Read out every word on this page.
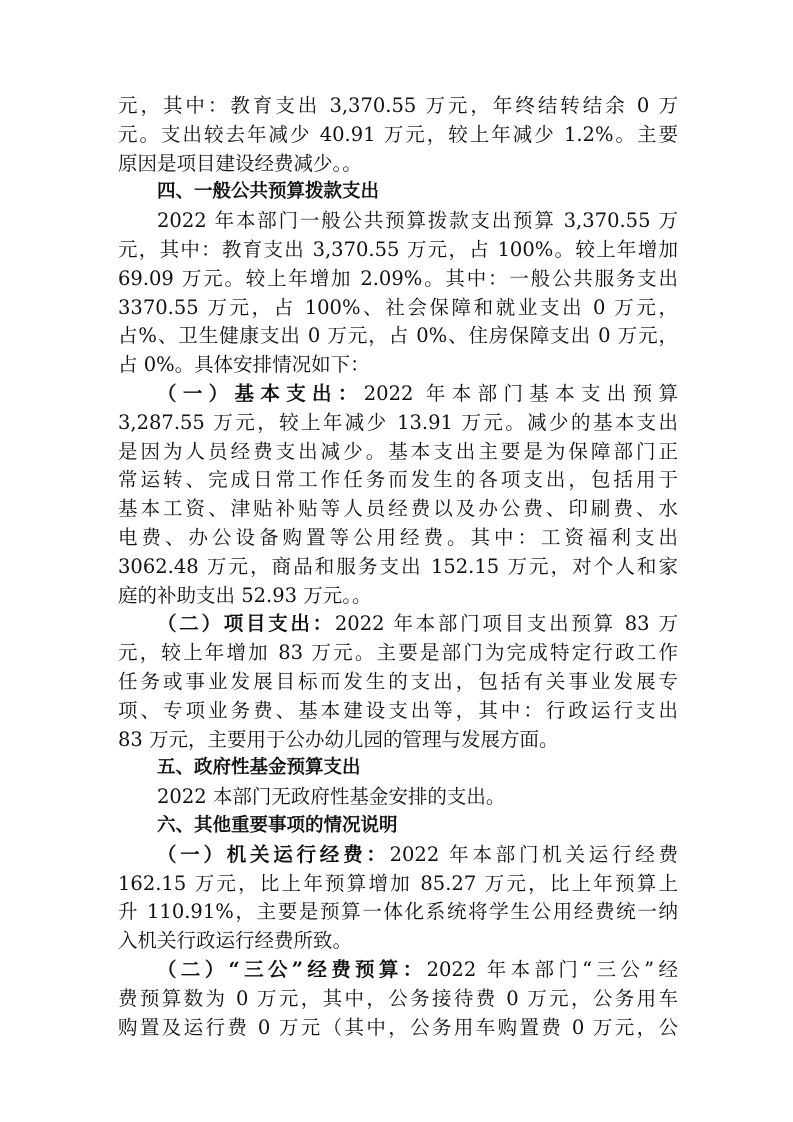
元，其中：教育支出 3,370.55 万元，年终结转结余 0 万
元。支出较去年减少 40.91 万元，较上年减少 1.2%。主要
原因是项目建设经费减少。。
四、一般公共预算拨款支出
2022 年本部门一般公共预算拨款支出预算 3,370.55 万
元，其中：教育支出 3,370.55 万元，占 100%。较上年增加
69.09 万元。较上年增加 2.09%。其中：一般公共服务支出
3370.55 万元，占 100%、社会保障和就业支出 0 万元，
占%、卫生健康支出 0 万元，占 0%、住房保障支出 0 万元，
占 0%。具体安排情况如下：
（一）基本支出：2022 年本部门基本支出预算
3,287.55 万元，较上年减少 13.91 万元。减少的基本支出
是因为人员经费支出减少。基本支出主要是为保障部门正
常运转、完成日常工作任务而发生的各项支出，包括用于
基本工资、津贴补贴等人员经费以及办公费、印刷费、水
电费、办公设备购置等公用经费。其中：工资福利支出
3062.48 万元，商品和服务支出 152.15 万元，对个人和家
庭的补助支出 52.93 万元。。
（二）项目支出：2022 年本部门项目支出预算 83 万
元，较上年增加 83 万元。主要是部门为完成特定行政工作
任务或事业发展目标而发生的支出，包括有关事业发展专
项、专项业务费、基本建设支出等，其中：行政运行支出
83 万元，主要用于公办幼儿园的管理与发展方面。
五、政府性基金预算支出
2022 本部门无政府性基金安排的支出。
六、其他重要事项的情况说明
（一）机关运行经费：2022 年本部门机关运行经费
162.15 万元，比上年预算增加 85.27 万元，比上年预算上
升 110.91%，主要是预算一体化系统将学生公用经费统一纳
入机关行政运行经费所致。
（二）“三公”经费预算：2022 年本部门“三公”经
费预算数为 0 万元，其中，公务接待费 0 万元，公务用车
购置及运行费 0 万元（其中，公务用车购置费 0 万元，公
